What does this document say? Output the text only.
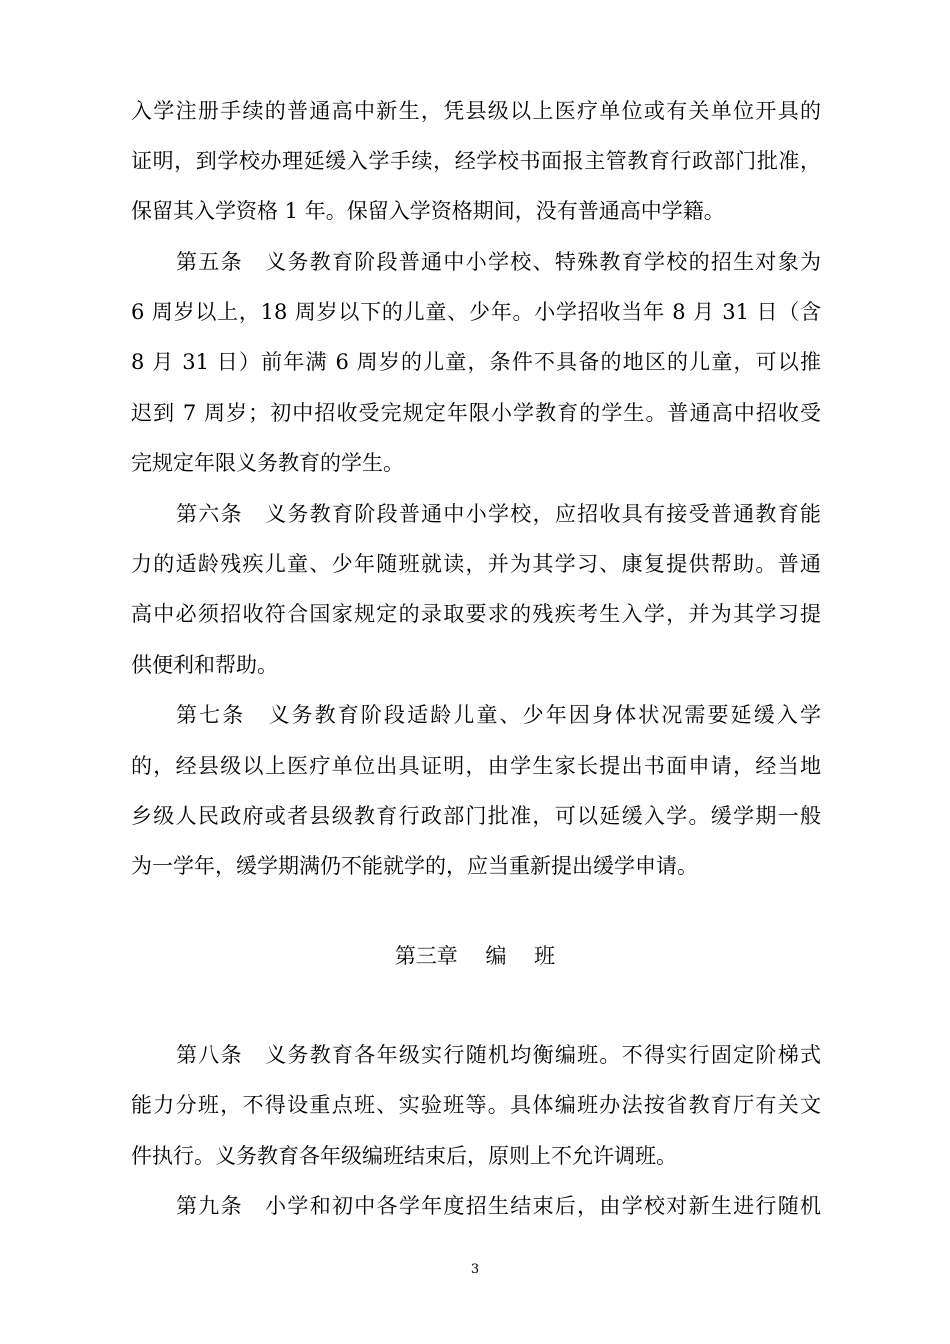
入学注册手续的普通高中新生，凭县级以上医疗单位或有关单位开具的
证明，到学校办理延缓入学手续，经学校书面报主管教育行政部门批准，
保留其入学资格 1 年。保留入学资格期间，没有普通高中学籍。
第五条　义务教育阶段普通中小学校、特殊教育学校的招生对象为
6 周岁以上，18 周岁以下的儿童、少年。小学招收当年 8 月 31 日（含
8 月 31 日）前年满 6 周岁的儿童，条件不具备的地区的儿童，可以推
迟到 7 周岁；初中招收受完规定年限小学教育的学生。普通高中招收受
完规定年限义务教育的学生。
第六条　义务教育阶段普通中小学校，应招收具有接受普通教育能
力的适龄残疾儿童、少年随班就读，并为其学习、康复提供帮助。普通
高中必须招收符合国家规定的录取要求的残疾考生入学，并为其学习提
供便利和帮助。
第七条　义务教育阶段适龄儿童、少年因身体状况需要延缓入学
的，经县级以上医疗单位出具证明，由学生家长提出书面申请，经当地
乡级人民政府或者县级教育行政部门批准，可以延缓入学。缓学期一般
为一学年，缓学期满仍不能就学的，应当重新提出缓学申请。
第三章　 编　 班
第八条　义务教育各年级实行随机均衡编班。不得实行固定阶梯式
能力分班，不得设重点班、实验班等。具体编班办法按省教育厅有关文
件执行。义务教育各年级编班结束后，原则上不允许调班。
第九条　小学和初中各学年度招生结束后，由学校对新生进行随机
3
